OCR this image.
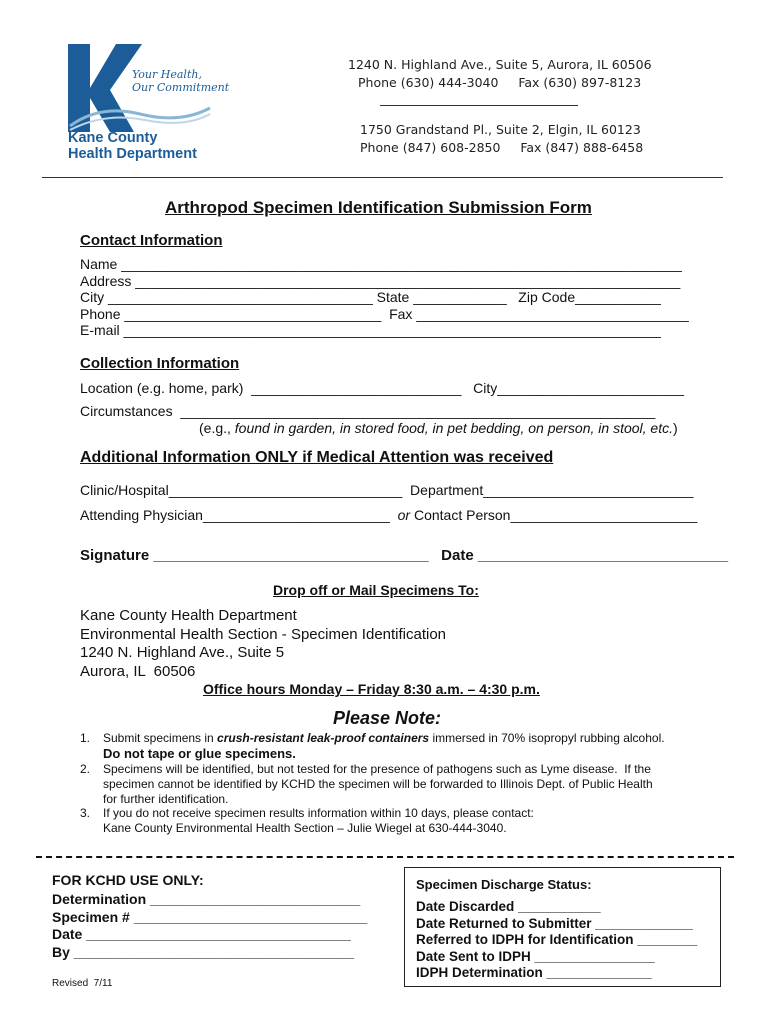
Your Health,
Our Commitment
Kane County
Health Department
1240 N. Highland Ave., Suite 5, Aurora, IL 60506
Phone (630) 444-3040     Fax (630) 897-8123
1750 Grandstand Pl., Suite 2, Elgin, IL 60123
Phone (847) 608-2850     Fax (847) 888-6458
Arthropod Specimen Identification Submission Form
Contact Information
Name ________________________________________________________________________
Address ______________________________________________________________________
City __________________________________ State ____________   Zip Code___________
Phone _________________________________  Fax ___________________________________
E-mail _____________________________________________________________________
Collection Information
Location (e.g. home, park)  ___________________________   City________________________
Circumstances  _____________________________________________________________
(e.g., found in garden, in stored food, in pet bedding, on person, in stool, etc.)
Additional Information ONLY if Medical Attention was received
Clinic/Hospital______________________________  Department___________________________
Attending Physician________________________  or Contact Person________________________
Signature _________________________________   Date ______________________________
Drop off or Mail Specimens To:
Kane County Health Department
Environmental Health Section - Specimen Identification
1240 N. Highland Ave., Suite 5
Aurora, IL  60506
Office hours Monday – Friday 8:30 a.m. – 4:30 p.m.
Please Note:
1. Submit specimens in crush-resistant leak-proof containers immersed in 70% isopropyl rubbing alcohol.
Do not tape or glue specimens.
2. Specimens will be identified, but not tested for the presence of pathogens such as Lyme disease.  If the
specimen cannot be identified by KCHD the specimen will be forwarded to Illinois Dept. of Public Health
for further identification.
3. If you do not receive specimen results information within 10 days, please contact:
Kane County Environmental Health Section – Julie Wiegel at 630-444-3040.
FOR KCHD USE ONLY:
Determination ___________________________
Specimen # ______________________________
Date __________________________________
By ____________________________________
Revised  7/11
Specimen Discharge Status:
Date Discarded ___________
Date Returned to Submitter _____________
Referred to IDPH for Identification ________
Date Sent to IDPH ________________
IDPH Determination ______________
